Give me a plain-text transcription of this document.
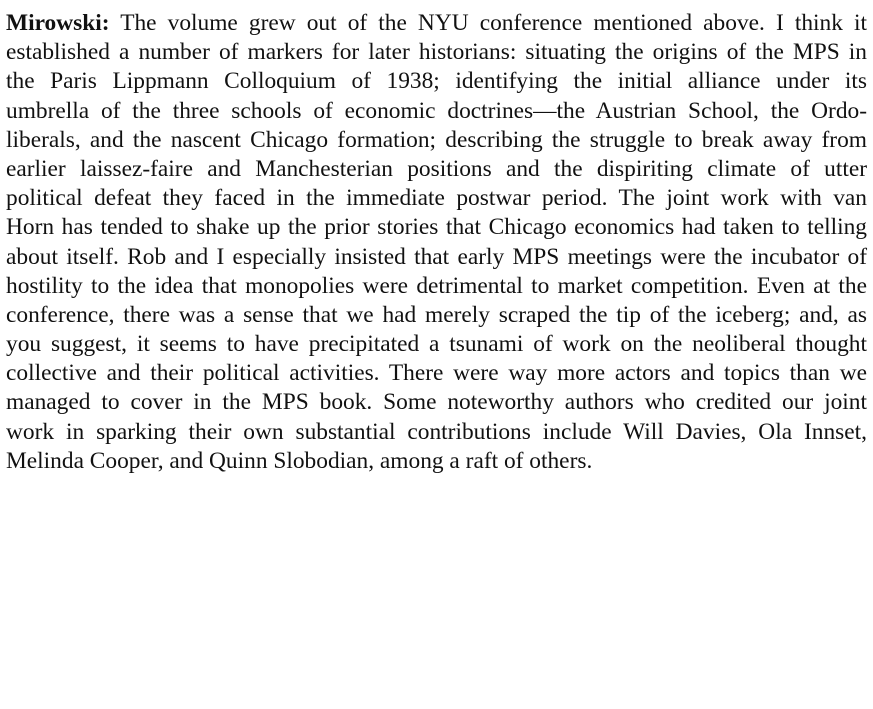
Mirowski: The volume grew out of the NYU conference mentioned above. I think it
established a number of markers for later historians: situating the origins of the MPS in
the Paris Lippmann Colloquium of 1938; identifying the initial alliance under its
umbrella of the three schools of economic doctrines—the Austrian School, the Ordo-
liberals, and the nascent Chicago formation; describing the struggle to break away from
earlier laissez-faire and Manchesterian positions and the dispiriting climate of utter
political defeat they faced in the immediate postwar period. The joint work with van
Horn has tended to shake up the prior stories that Chicago economics had taken to telling
about itself. Rob and I especially insisted that early MPS meetings were the incubator of
hostility to the idea that monopolies were detrimental to market competition. Even at the
conference, there was a sense that we had merely scraped the tip of the iceberg; and, as
you suggest, it seems to have precipitated a tsunami of work on the neoliberal thought
collective and their political activities. There were way more actors and topics than we
managed to cover in the MPS book. Some noteworthy authors who credited our joint
work in sparking their own substantial contributions include Will Davies, Ola Innset,
Melinda Cooper, and Quinn Slobodian, among a raft of others.
